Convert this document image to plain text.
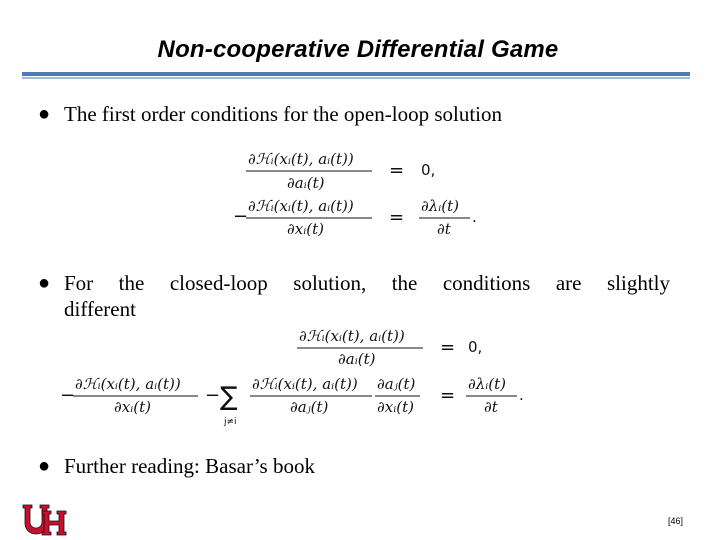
Non-cooperative Differential Game
● The first order conditions for the open-loop solution
∂ℋᵢ(xᵢ(t), aᵢ(t))
∂aᵢ(t)
= 0,
− ∂ℋᵢ(xᵢ(t), aᵢ(t))
∂xᵢ(t)
=
∂λᵢ(t)
∂t
.
● For the closed-loop solution, the conditions are slightly
different
∂ℋᵢ(xᵢ(t), aᵢ(t))
∂aᵢ(t)
= 0,
−
∂ℋᵢ(xᵢ(t), aᵢ(t))
∂xᵢ(t)
− ∑
j≠i
∂ℋᵢ(xᵢ(t), aᵢ(t))
∂aⱼ(t)
∂aⱼ(t)
∂xᵢ(t)
=
∂λᵢ(t)
∂t
.
● Further reading: Basar’s book
[46]
